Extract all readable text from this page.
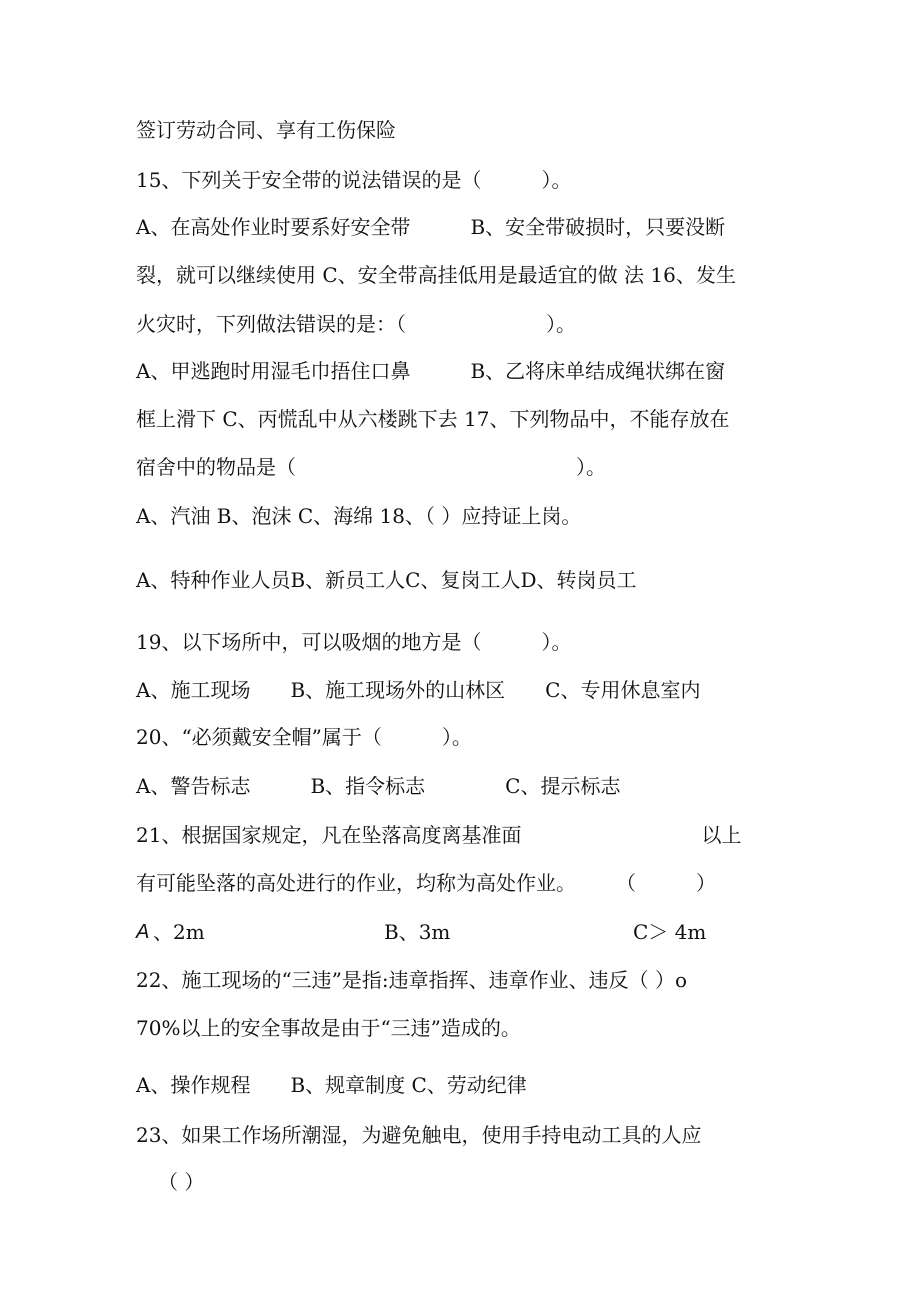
签订劳动合同、享有工伤保险
15、下列关于安全带的说法错误的是（　　　）。
A、在高处作业时要系好安全带　　　B、安全带破损时，只要没断
裂，就可以继续使用 C、安全带高挂低用是最适宜的做 法 16、发生
火灾时，下列做法错误的是：（　　　　　　　）。
A、甲逃跑时用湿毛巾捂住口鼻　　　B、乙将床单结成绳状绑在窗
框上滑下 C、丙慌乱中从六楼跳下去 17、下列物品中，不能存放在
宿舍中的物品是（　　　　　　　　　　　　　　）。
A、汽油 B、泡沫 C、海绵 18、（ ）应持证上岗。
A、特种作业人员B、新员工人C、复岗工人D、转岗员工
19、以下场所中，可以吸烟的地方是（　　　）。
A、施工现场　　B、施工现场外的山林区　　C、专用休息室内
20、“必须戴安全帽”属于（　　　）。
A、警告标志　　　B、指令标志　　　　C、提示标志
21、根据国家规定，凡在坠落高度离基准面　　　　　　　　　以上
有可能坠落的高处进行的作业，均称为高处作业。　　　（　　　）
A 、2m	B、3m	C＞ 4m
22、施工现场的“三违”是指:违章指挥、违章作业、违反（ ）o
70%以上的安全事故是由于“三违”造成的。
A、操作规程　　B、规章制度 C、劳动纪律
23、如果工作场所潮湿，为避免触电，使用手持电动工具的人应
（ ）
